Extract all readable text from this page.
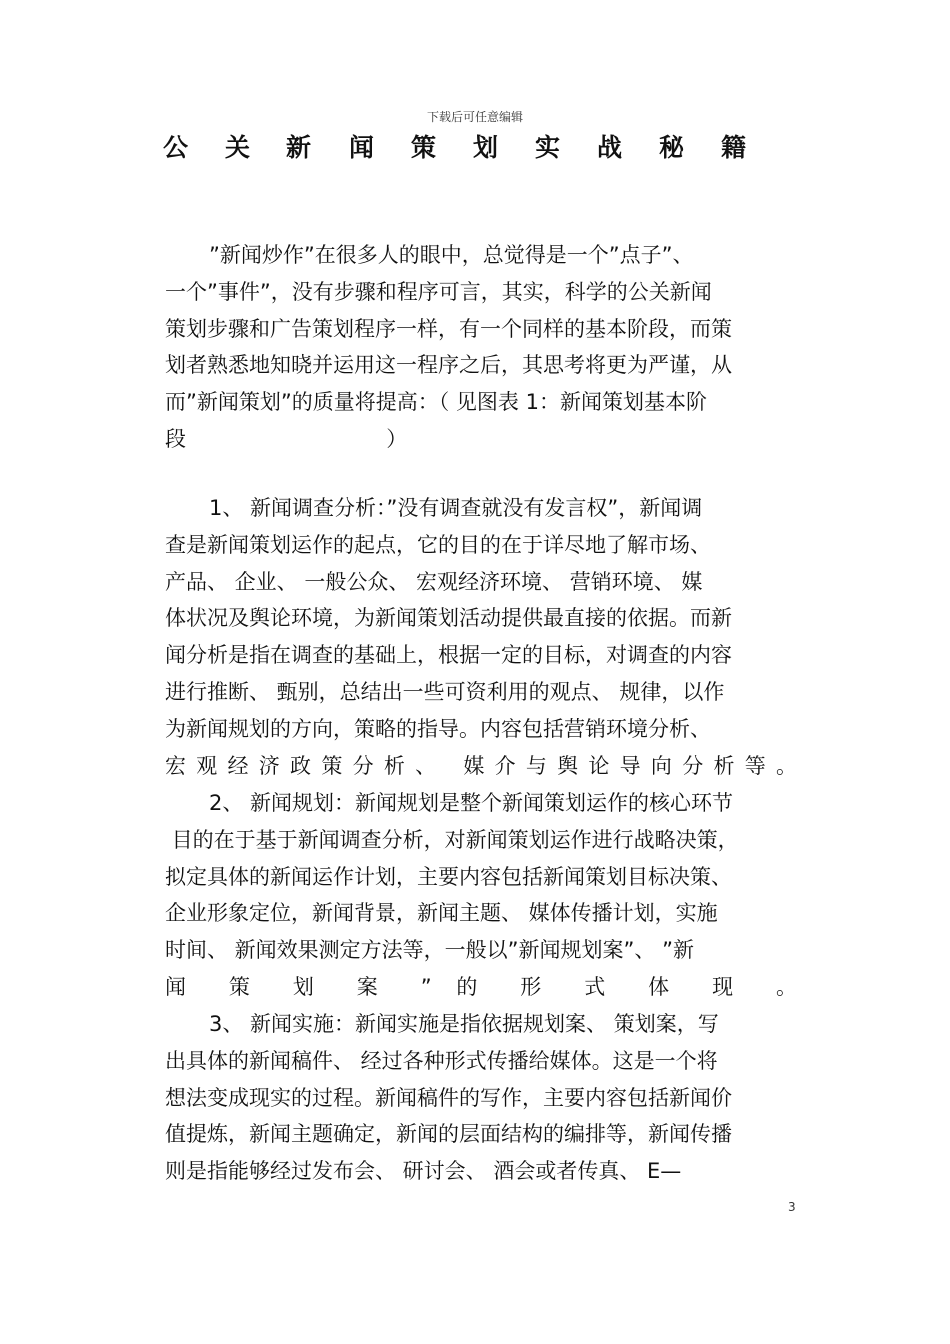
下载后可任意编辑
公 关 新 闻 策 划 实 战 秘 籍
”新闻炒作”在很多人的眼中，总觉得是一个”点子”、
一个”事件”，没有步骤和程序可言，其实，科学的公关新闻
策划步骤和广告策划程序一样，有一个同样的基本阶段，而策
划者熟悉地知晓并运用这一程序之后，其思考将更为严谨，从
而”新闻策划”的质量将提高：（ 见图表 1：新闻策划基本阶
段                              ）
1、 新闻调查分析：”没有调查就没有发言权”，新闻调
查是新闻策划运作的起点，它的目的在于详尽地了解市场、
产品、 企业、 一般公众、 宏观经济环境、 营销环境、 媒
体状况及舆论环境，为新闻策划活动提供最直接的依据。而新
闻分析是指在调查的基础上，根据一定的目标，对调查的内容
进行推断、 甄别，总结出一些可资利用的观点、 规律，以作
为新闻规划的方向，策略的指导。内容包括营销环境分析、
宏观经济政策分析、 媒介与舆论导向分析等。
2、 新闻规划：新闻规划是整个新闻策划运作的核心环节
目的在于基于新闻调查分析，对新闻策划运作进行战略决策，
拟定具体的新闻运作计划，主要内容包括新闻策划目标决策、
企业形象定位，新闻背景，新闻主题、 媒体传播计划，实施
时间、 新闻效果测定方法等，一般以”新闻规划案”、 ”新
闻 策 划 案 ” 的 形 式 体 现 。
3、 新闻实施：新闻实施是指依据规划案、 策划案，写
出具体的新闻稿件、 经过各种形式传播给媒体。这是一个将
想法变成现实的过程。新闻稿件的写作，主要内容包括新闻价
值提炼，新闻主题确定，新闻的层面结构的编排等，新闻传播
则是指能够经过发布会、 研讨会、 酒会或者传真、 E—
3
